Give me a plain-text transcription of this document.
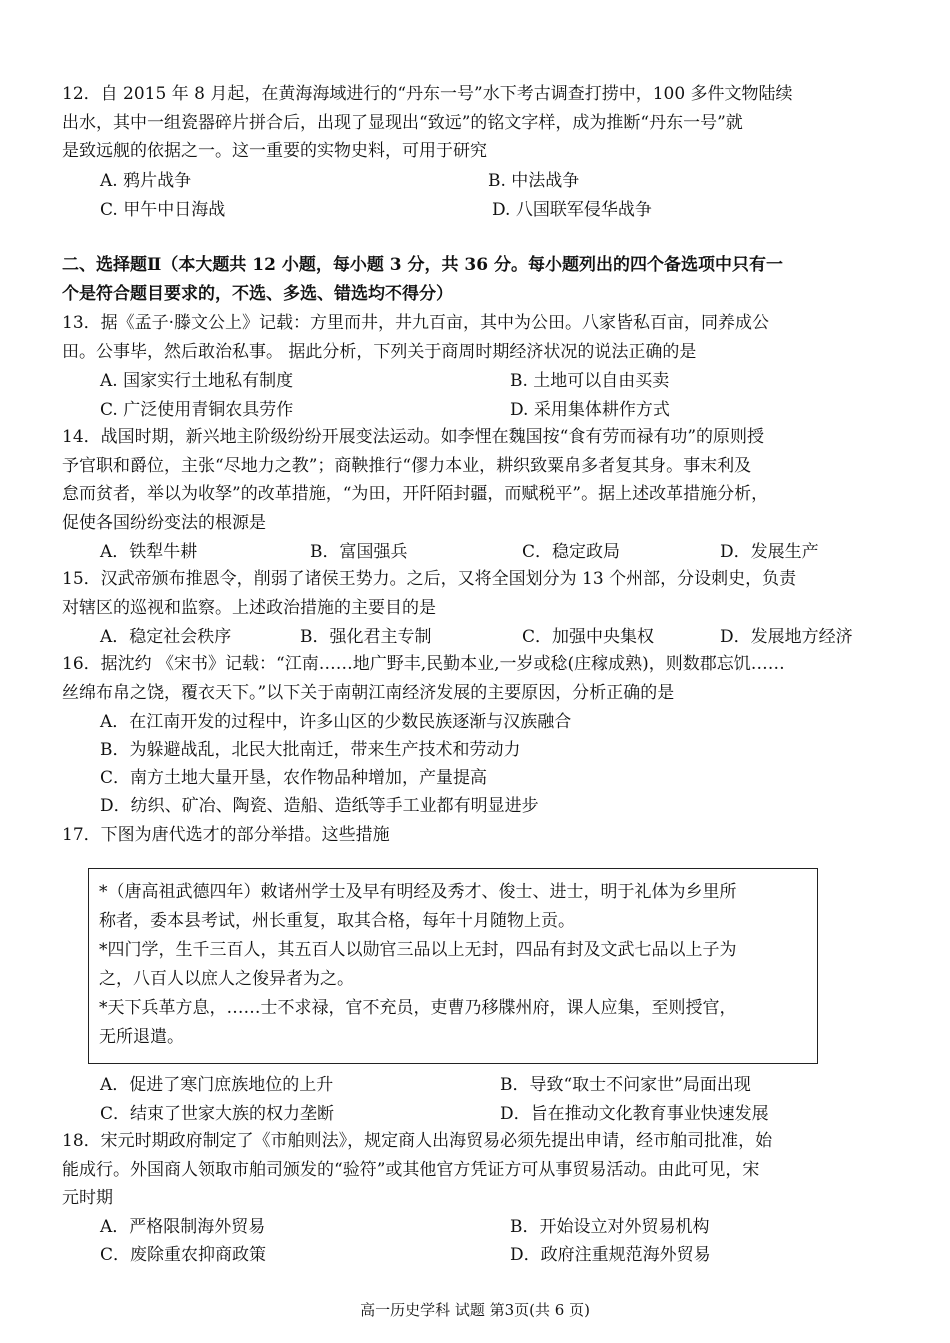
12．自 2015 年 8 月起，在黄海海域进行的“丹东一号”水下考古调查打捞中，100 多件文物陆续
出水，其中一组瓷器碎片拼合后，出现了显现出“致远”的铭文字样，成为推断“丹东一号”就
是致远舰的依据之一。这一重要的实物史料，可用于研究
A. 鸦片战争	B. 中法战争
C. 甲午中日海战	D. 八国联军侵华战争
二、选择题Ⅱ（本大题共 12 小题，每小题 3 分，共 36 分。每小题列出的四个备选项中只有一
个是符合题目要求的，不选、多选、错选均不得分）
13．据《孟子·滕文公上》记载：方里而井，井九百亩，其中为公田。八家皆私百亩，同养成公
田。公事毕，然后敢治私事。 据此分析，下列关于商周时期经济状况的说法正确的是
A. 国家实行土地私有制度	B. 土地可以自由买卖
C. 广泛使用青铜农具劳作	D. 采用集体耕作方式
14．战国时期，新兴地主阶级纷纷开展变法运动。如李悝在魏国按“食有劳而禄有功”的原则授
予官职和爵位，主张“尽地力之教”；商鞅推行“僇力本业，耕织致粟帛多者复其身。事末利及
怠而贫者，举以为收孥”的改革措施，“为田，开阡陌封疆，而赋税平”。据上述改革措施分析，
促使各国纷纷变法的根源是
A．铁犁牛耕	B．富国强兵	C．稳定政局	D．发展生产
15．汉武帝颁布推恩令，削弱了诸侯王势力。之后，又将全国划分为 13 个州部，分设刺史，负责
对辖区的巡视和监察。上述政治措施的主要目的是
A．稳定社会秩序	B．强化君主专制	C．加强中央集权	D．发展地方经济
16．据沈约 《宋书》记载：“江南……地广野丰,民勤本业,一岁或稔(庄稼成熟)，则数郡忘饥……
丝绵布帛之饶，覆衣天下。”以下关于南朝江南经济发展的主要原因，分析正确的是
A．在江南开发的过程中，许多山区的少数民族逐渐与汉族融合
B．为躲避战乱，北民大批南迁，带来生产技术和劳动力
C．南方土地大量开垦，农作物品种增加，产量提高
D．纺织、矿冶、陶瓷、造船、造纸等手工业都有明显进步
17．下图为唐代选才的部分举措。这些措施
*（唐高祖武德四年）敕诸州学士及早有明经及秀才、俊士、进士，明于礼体为乡里所
称者，委本县考试，州长重复，取其合格，每年十月随物上贡。
*四门学，生千三百人，其五百人以勋官三品以上无封，四品有封及文武七品以上子为
之，八百人以庶人之俊异者为之。
*天下兵革方息，……士不求禄，官不充员，吏曹乃移牒州府，课人应集，至则授官，
无所退遣。
A．促进了寒门庶族地位的上升	B．导致“取士不问家世”局面出现
C．结束了世家大族的权力垄断	D．旨在推动文化教育事业快速发展
18．宋元时期政府制定了《市舶则法》，规定商人出海贸易必须先提出申请，经市舶司批准，始
能成行。外国商人领取市舶司颁发的“验符”或其他官方凭证方可从事贸易活动。由此可见，宋
元时期
A．严格限制海外贸易	B．开始设立对外贸易机构
C．废除重农抑商政策	D．政府注重规范海外贸易
高一历史学科 试题 第3页(共 6 页)
